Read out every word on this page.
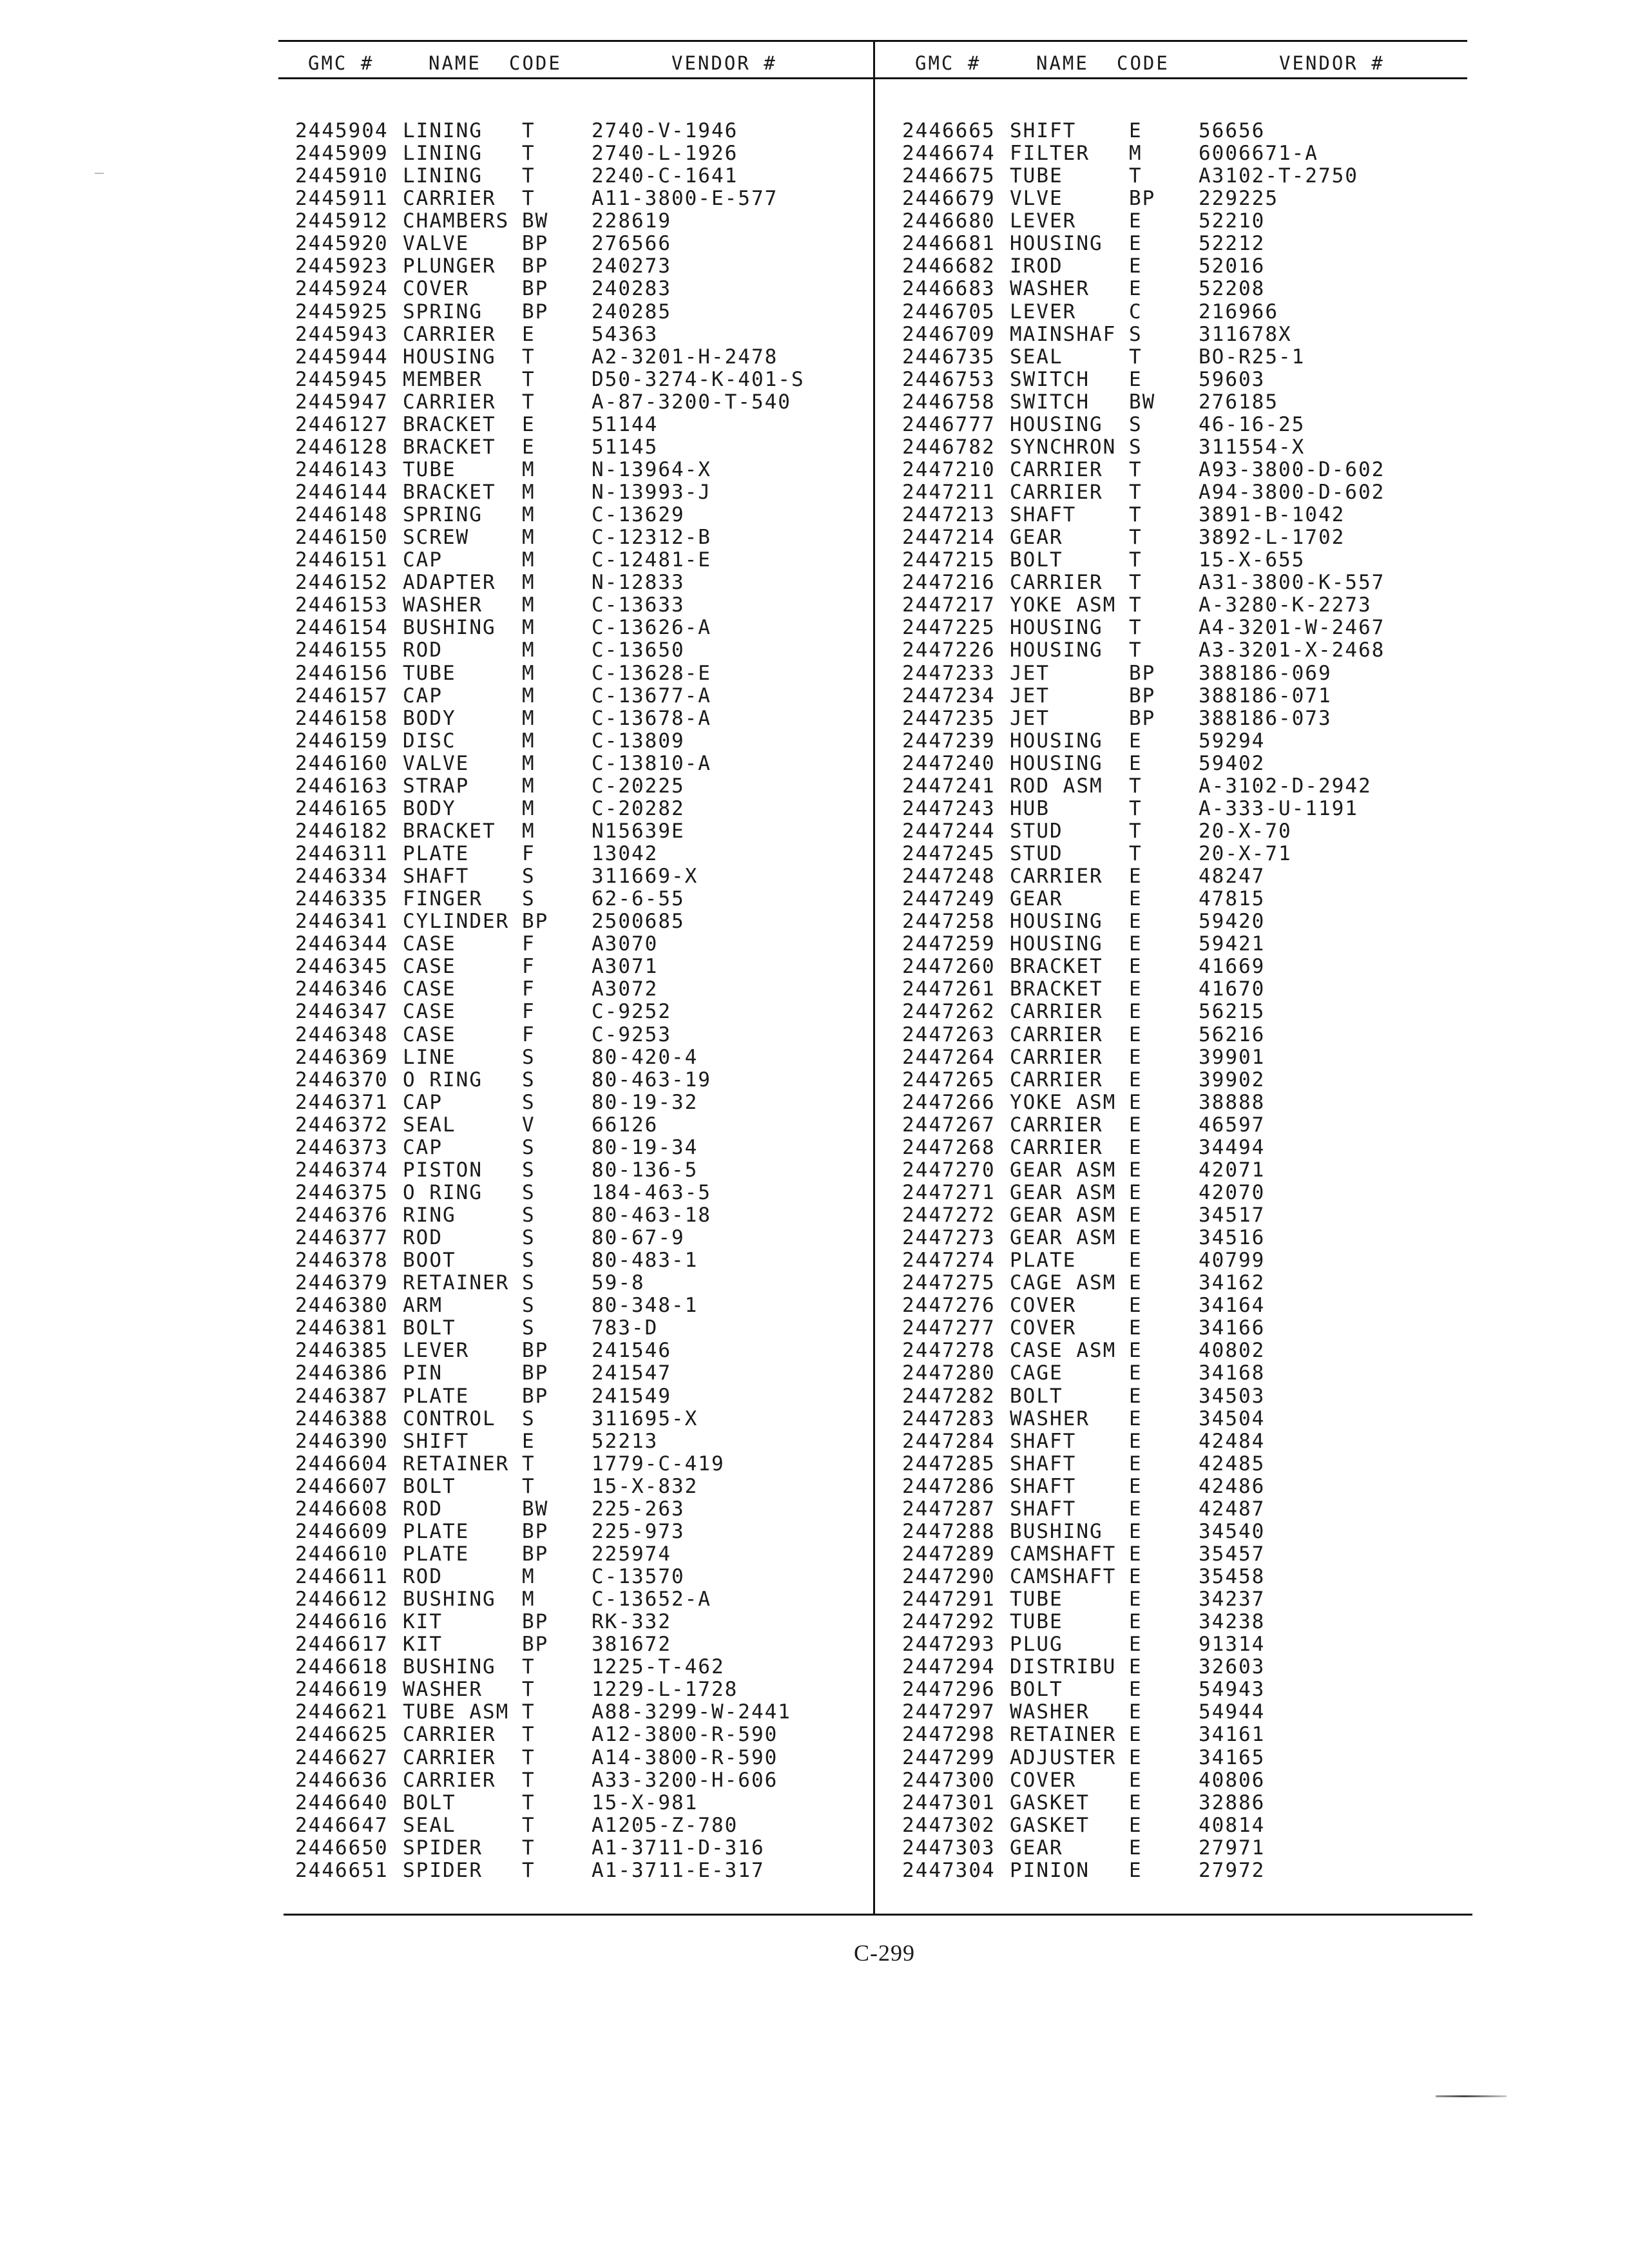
GMC #	NAME CODE	VENDOR #	GMC #	NAME CODE	VENDOR #
2445904 LINING T	2740-V-1946
2445909 LINING T	2740-L-1926
2445910 LINING T	2240-C-1641
2445911 CARRIER T	A11-3800-E-577
2445912 CHAMBERS BW 228619
2445920 VALVE	BP 276566
2445923 PLUNGER BP 240273
2445924 COVER	BP 240283
2445925 SPRING BP 240285
2445943 CARRIER E	54363
2445944 HOUSING T	A2-3201-H-2478
2445945 MEMBER T	D50-3274-K-401-S
2445947 CARRIER T	A-87-3200-T-540
2446127 BRACKET E	51144
2446128 BRACKET E	51145
2446143 TUBE	M	N-13964-X
2446144 BRACKET M	N-13993-J
2446148 SPRING M	C-13629
2446150 SCREW	M	C-12312-B
2446151 CAP	M	C-12481-E
2446152 ADAPTER M	N-12833
2446153 WASHER M	C-13633
2446154 BUSHING M	C-13626-A
2446155 ROD	M	C-13650
2446156 TUBE	M	C-13628-E
2446157 CAP	M	C-13677-A
2446158 BODY	M	C-13678-A
2446159 DISC	M	C-13809
2446160 VALVE	M	C-13810-A
2446163 STRAP	M	C-20225
2446165 BODY	M	C-20282
2446182 BRACKET M	N15639E
2446311 PLATE	F	13042
2446334 SHAFT	S	311669-X
2446335 FINGER S	62-6-55
2446341 CYLINDER BP 2500685
2446344 CASE	F	A3070
2446345 CASE	F	A3071
2446346 CASE	F	A3072
2446347 CASE	F	C-9252
2446348 CASE	F	C-9253
2446369 LINE	S	80-420-4
2446370 O RING S	80-463-19
2446371 CAP	S	80-19-32
2446372 SEAL	V	66126
2446373 CAP	S	80-19-34
2446374 PISTON S	80-136-5
2446375 O RING S	184-463-5
2446376 RING	S	80-463-18
2446377 ROD	S	80-67-9
2446378 BOOT	S	80-483-1
2446379 RETAINER S	59-8
2446380 ARM	S	80-348-1
2446381 BOLT	S	783-D
2446385 LEVER	BP 241546
2446386 PIN	BP 241547
2446387 PLATE	BP 241549
2446388 CONTROL S	311695-X
2446390 SHIFT	E	52213
2446604 RETAINER T	1779-C-419
2446607 BOLT	T	15-X-832
2446608 ROD	BW 225-263
2446609 PLATE	BP 225-973
2446610 PLATE	BP 225974
2446611 ROD	M	C-13570
2446612 BUSHING M	C-13652-A
2446616 KIT	BP RK-332
2446617 KIT	BP 381672
2446618 BUSHING T	1225-T-462
2446619 WASHER T	1229-L-1728
2446621 TUBE ASM T	A88-3299-W-2441
2446625 CARRIER T	A12-3800-R-590
2446627 CARRIER T	A14-3800-R-590
2446636 CARRIER T	A33-3200-H-606
2446640 BOLT	T	15-X-981
2446647 SEAL	T	A1205-Z-780
2446650 SPIDER T	A1-3711-D-316
2446651 SPIDER T	A1-3711-E-317
2446665 SHIFT	E	56656
2446674 FILTER M	6006671-A
2446675 TUBE	T	A3102-T-2750
2446679 VLVE	BP 229225
2446680 LEVER	E	52210
2446681 HOUSING E	52212
2446682 IROD	E	52016
2446683 WASHER E	52208
2446705 LEVER	C	216966
2446709 MAINSHAF S	311678X
2446735 SEAL	T	BO-R25-1
2446753 SWITCH E	59603
2446758 SWITCH BW 276185
2446777 HOUSING S	46-16-25
2446782 SYNCHRON S	311554-X
2447210 CARRIER T	A93-3800-D-602
2447211 CARRIER T	A94-3800-D-602
2447213 SHAFT	T	3891-B-1042
2447214 GEAR	T	3892-L-1702
2447215 BOLT	T	15-X-655
2447216 CARRIER T	A31-3800-K-557
2447217 YOKE ASM T	A-3280-K-2273
2447225 HOUSING T	A4-3201-W-2467
2447226 HOUSING T	A3-3201-X-2468
2447233 JET	BP 388186-069
2447234 JET	BP 388186-071
2447235 JET	BP 388186-073
2447239 HOUSING E	59294
2447240 HOUSING E	59402
2447241 ROD ASM T	A-3102-D-2942
2447243 HUB	T	A-333-U-1191
2447244 STUD	T	20-X-70
2447245 STUD	T	20-X-71
2447248 CARRIER E	48247
2447249 GEAR	E	47815
2447258 HOUSING E	59420
2447259 HOUSING E	59421
2447260 BRACKET E	41669
2447261 BRACKET E	41670
2447262 CARRIER E	56215
2447263 CARRIER E	56216
2447264 CARRIER E	39901
2447265 CARRIER E	39902
2447266 YOKE ASM E	38888
2447267 CARRIER E	46597
2447268 CARRIER E	34494
2447270 GEAR ASM E	42071
2447271 GEAR ASM E	42070
2447272 GEAR ASM E	34517
2447273 GEAR ASM E	34516
2447274 PLATE	E	40799
2447275 CAGE ASM E	34162
2447276 COVER	E	34164
2447277 COVER	E	34166
2447278 CASE ASM E	40802
2447280 CAGE	E	34168
2447282 BOLT	E	34503
2447283 WASHER E	34504
2447284 SHAFT	E	42484
2447285 SHAFT	E	42485
2447286 SHAFT	E	42486
2447287 SHAFT	E	42487
2447288 BUSHING E	34540
2447289 CAMSHAFT E	35457
2447290 CAMSHAFT E	35458
2447291 TUBE	E	34237
2447292 TUBE	E	34238
2447293 PLUG	E	91314
2447294 DISTRIBU E	32603
2447296 BOLT	E	54943
2447297 WASHER E	54944
2447298 RETAINER E	34161
2447299 ADJUSTER E	34165
2447300 COVER	E	40806
2447301 GASKET E	32886
2447302 GASKET E	40814
2447303 GEAR	E	27971
2447304 PINION E	27972
C-299
